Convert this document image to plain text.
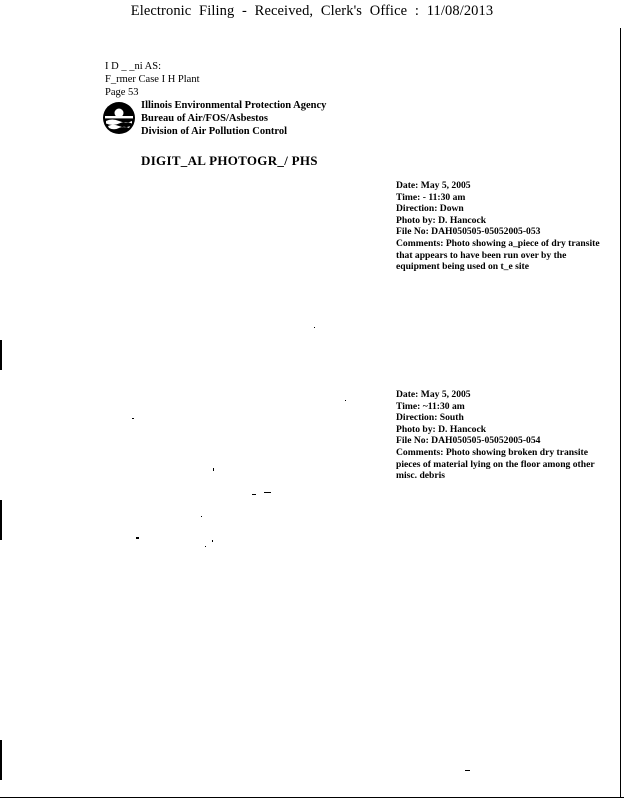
Electronic Filing - Received, Clerk's Office : 11/08/2013
I D _ _ni AS:
F_rmer Case I H Plant
Page 53
Illinois Environmental Protection Agency
Bureau of Air/FOS/Asbestos
Division of Air Pollution Control
DIGIT_AL PHOTOGR_/ PHS
Date: May 5, 2005
Time: - 11:30 am
Direction: Down
Photo by: D. Hancock
File No: DAH050505-05052005-053
Comments: Photo showing a_piece of dry transite that appears to have been run over by the equipment being used on t_e site
Date: May 5, 2005
Time: ~11:30 am
Direction: South
Photo by: D. Hancock
File No: DAH050505-05052005-054
Comments: Photo showing broken dry transite pieces of material lying on the floor among other misc. debris
